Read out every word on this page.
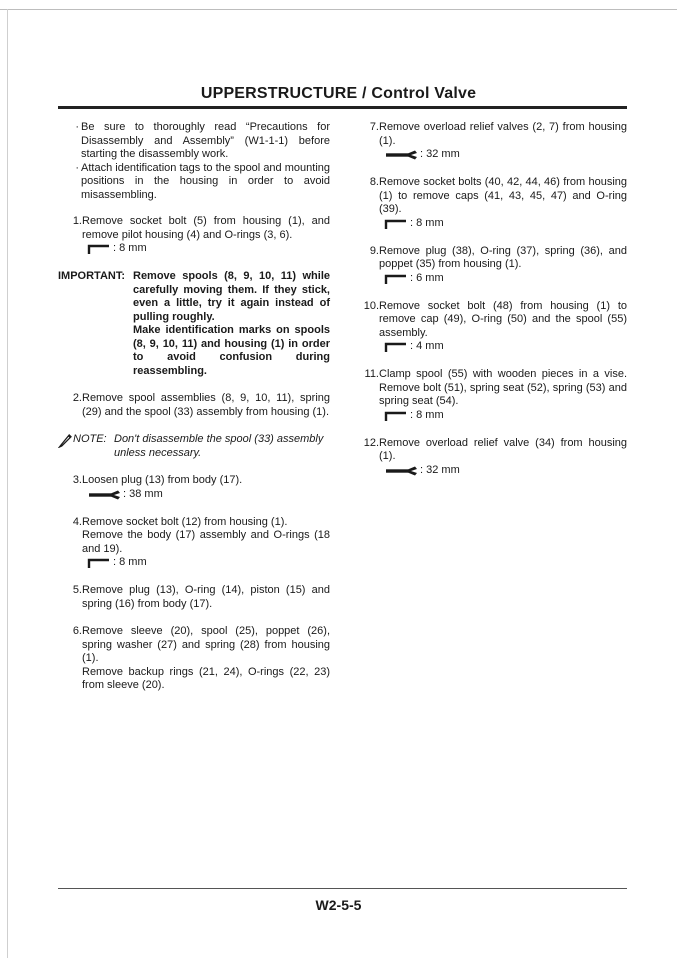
UPPERSTRUCTURE / Control Valve
· Be sure to thoroughly read “Precautions for Disassembly and Assembly” (W1-1-1) before starting the disassembly work.
· Attach identification tags to the spool and mounting positions in the housing in order to avoid misassembling.
1. Remove socket bolt (5) from housing (1), and remove pilot housing (4) and O-rings (3, 6).

: 8 mm
IMPORTANT: Remove spools (8, 9, 10, 11) while carefully moving them. If they stick, even a little, try it again instead of pulling roughly.

Make identification marks on spools (8, 9, 10, 11) and housing (1) in order to avoid confusion during reassembling.

2. Remove spool assemblies (8, 9, 10, 11), spring (29) and the spool (33) assembly from housing (1).

NOTE: Don't disassemble the spool (33) assembly unless necessary.
3. Loosen plug (13) from body (17).

: 38 mm
4. Remove socket bolt (12) from housing (1).

Remove the body (17) assembly and O-rings (18 and 19).

: 8 mm
5. Remove plug (13), O-ring (14), piston (15) and spring (16) from body (17).

6. Remove sleeve (20), spool (25), poppet (26), spring washer (27) and spring (28) from housing (1).

Remove backup rings (21, 24), O-rings (22, 23) from sleeve (20).

7. Remove overload relief valves (2, 7) from housing (1).

: 32 mm
8. Remove socket bolts (40, 42, 44, 46) from housing (1) to remove caps (41, 43, 45, 47) and O-ring (39).

: 8 mm
9. Remove plug (38), O-ring (37), spring (36), and poppet (35) from housing (1).

: 6 mm
10. Remove socket bolt (48) from housing (1) to remove cap (49), O-ring (50) and the spool (55) assembly.

: 4 mm
11. Clamp spool (55) with wooden pieces in a vise. Remove bolt (51), spring seat (52), spring (53) and spring seat (54).

: 8 mm
12. Remove overload relief valve (34) from housing (1).

: 32 mm
W2-5-5
